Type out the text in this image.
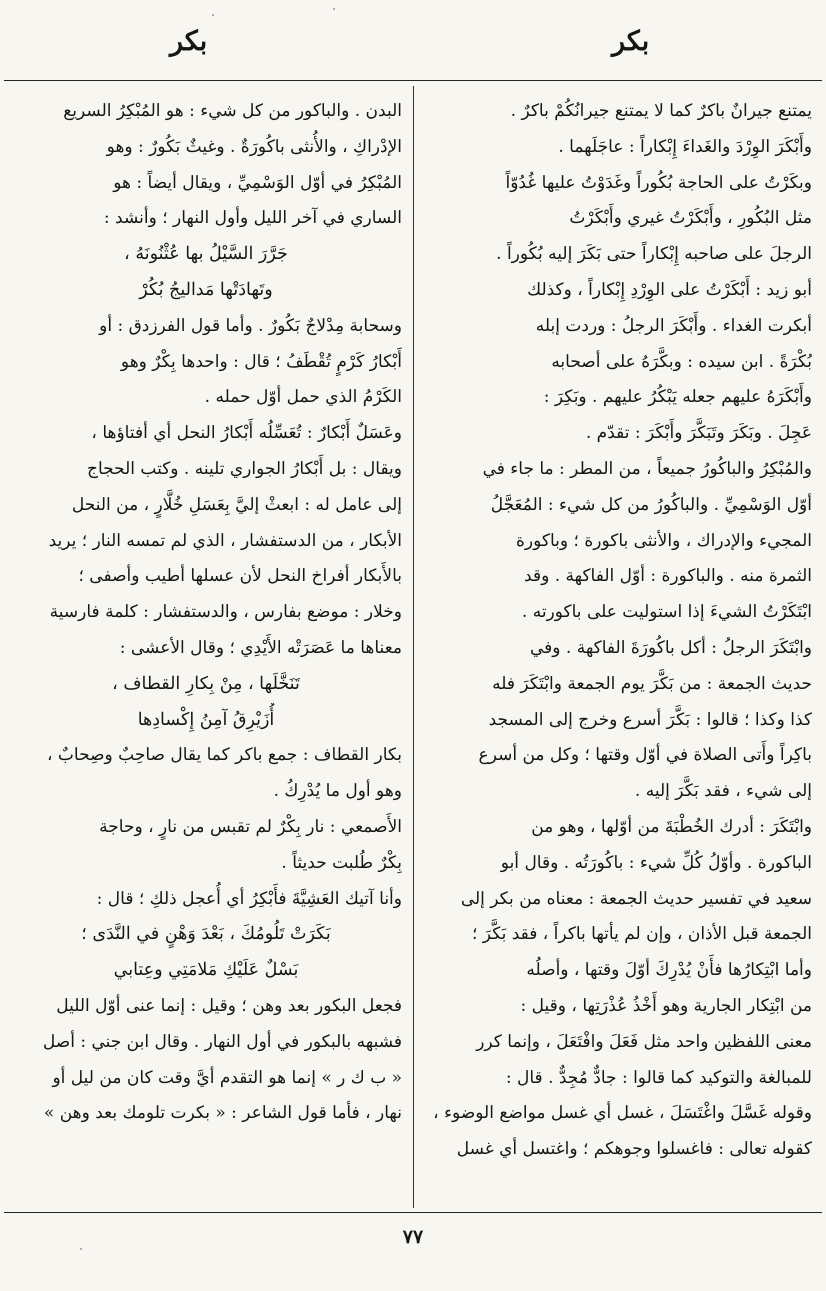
بكر	بكر
يمتنع جيرانٌ باكرٌ كما لا يمتنع جيرانُكُمْ باكرٌ .
وأَبْكَرَ الوِرْدَ والغَداءَ إِبْكاراً : عاجَلَهما .
وبكَرْتُ على الحاجة بُكُوراً وغَدَوْتُ عليها غُدُوّاً
مثل البُكُورِ ، وأَبْكَرْتُ غيري وأَبْكَرْتُ
الرجلَ على صاحبه إِبْكاراً حتى بَكَرَ إليه بُكُوراً .
أبو زيد : أَبْكَرْتُ على الوِرْدِ إِبْكاراً ، وكذلك
أبكرت الغداء . وأَبْكَرَ الرجلُ : وردت إبله
بُكْرَةً . ابن سيده : وبكَّرَهُ على أصحابه
وأَبْكَرَهُ عليهم جعله يَبْكُرُ عليهم . وبَكِرَ :
عَجِلَ . وبَكَرَ وتَبَكَّرَ وأَبْكَرَ : تقدّم .
والمُبْكِرُ والباكُورُ جميعاً ، من المطر : ما جاء في
أوّل الوَسْمِيِّ . والباكُورُ من كل شيء : المُعَجَّلُ
المجيء والإدراك ، والأنثى باكورة ؛ وباكورة
الثمرة منه . والباكورة : أوّل الفاكهة . وقد
ابْتَكَرْتُ الشيءَ إذا استوليت على باكورته .
وابْتَكَرَ الرجلُ : أكل باكُورَةَ الفاكهة . وفي
حديث الجمعة : من بَكَّرَ يوم الجمعة وابْتَكَرَ فله
كذا وكذا ؛ قالوا : بَكَّرَ أسرع وخرج إلى المسجد
باكِراً وأَتى الصلاة في أوّل وقتها ؛ وكل من أسرع
إلى شيء ، فقد بَكَّرَ إليه .
وابْتَكَرَ : أدرك الخُطْبَةَ من أوّلها ، وهو من
الباكورة . وأوّلُ كُلِّ شيء : باكُورَتُه . وقال أبو
سعيد في تفسير حديث الجمعة : معناه من بكر إلى
الجمعة قبل الأذان ، وإن لم يأتها باكراً ، فقد بَكَّرَ ؛
وأما ابْتِكارُها فأَنْ يُدْرِكَ أوّلَ وقتها ، وأصلُه
من ابْتِكار الجارية وهو أَخْذُ عُذْرَتِها ، وقيل :
معنى اللفظين واحد مثل فَعَلَ وافْتَعَلَ ، وإنما كرر
للمبالغة والتوكيد كما قالوا : جادٌّ مُجِدٌّ . قال :
وقوله غَسَّلَ واغْتَسَلَ ، غسل أي غسل مواضع الوضوء ،
كقوله تعالى : فاغسلوا وجوهكم ؛ واغتسل أي غسل
البدن . والباكور من كل شيء : هو المُبْكِرُ السريع
الإدْراكِ ، والأُنثى باكُورَةٌ . وغيثٌ بَكُورٌ : وهو
المُبْكِرُ في أوّل الوَسْمِيِّ ، ويقال أيضاً : هو
الساري في آخر الليل وأول النهار ؛ وأنشد :
جَرَّرَ السَّيْلُ بها عُثْنُونَهُ ،
وتَهادَتْها مَداليجُ بُكُرْ
وسحابة مِدْلاجٌ بَكُورٌ . وأما قول الفرزدق : أو
أَبْكارُ كَرْمٍ تُقْطَفُ ؛ قال : واحدها بِكْرٌ وهو
الكَرْمُ الذي حمل أوّل حمله .
وعَسَلٌ أَبْكارٌ : تُعَسِّلُه أَبْكارُ النحل أي أفتاؤها ،
ويقال : بل أَبْكارُ الجواري تلينه . وكتب الحجاج
إلى عامل له : ابعثْ إليَّ بِعَسَلِ خُلَّارٍ ، من النحل
الأبكار ، من الدستفشار ، الذي لم تمسه النار ؛ يريد
بالأَبكار أفراخ النحل لأن عسلها أطيب وأصفى ؛
وخلار : موضع بفارس ، والدستفشار : كلمة فارسية
معناها ما عَصَرَتْه الأَيْدِي ؛ وقال الأعشى :
تَنَخَّلَها ، مِنْ بِكارِ القطاف ،
أُزَيْرِقُ آمِنُ إِكْسادِها
بكار القطاف : جمع باكر كما يقال صاحِبٌ وصِحابٌ ،
وهو أول ما يُدْرِكُ .
الأَصمعي : نار بِكْرٌ لم تقبس من نارٍ ، وحاجة
بِكْرٌ طُلبت حديثاً .
وأنا آتيك العَشِيَّةَ فأَبْكِرُ أي أُعجل ذلكِ ؛ قال :
بَكَرَتْ تَلُومُكَ ، بَعْدَ وَهْنٍ في النَّدَى ؛
بَسْلٌ عَلَيْكِ مَلامَتِي وعِتابي
فجعل البكور بعد وهن ؛ وقيل : إنما عنى أوّل الليل
فشبهه بالبكور في أول النهار . وقال ابن جني : أصل
« ب ك ر » إنما هو التقدم أيَّ وقت كان من ليل أو
نهار ، فأما قول الشاعر : « بكرت تلومك بعد وهن »
٧٧
